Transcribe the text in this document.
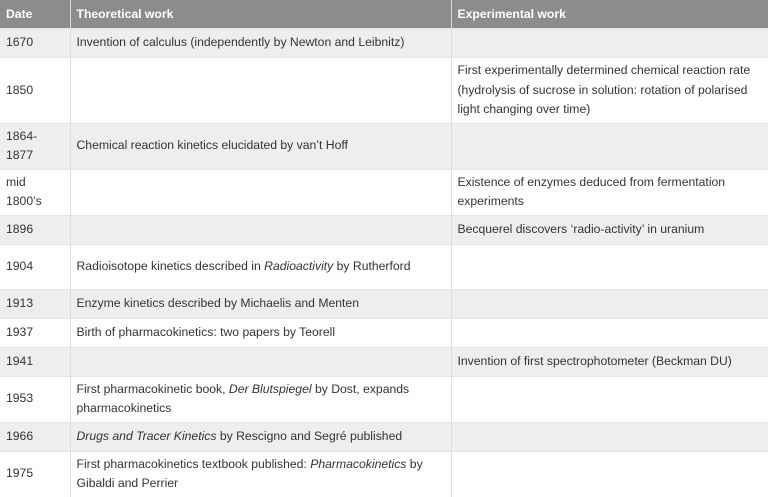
Date	Theoretical work	Experimental work
1670	Invention of calculus (independently by Newton and Leibnitz)	
1850		First experimentally determined chemical reaction rate (hydrolysis of sucrose in solution: rotation of polarised light changing over time)
1864-1877	Chemical reaction kinetics elucidated by van’t Hoff	
mid 1800’s		Existence of enzymes deduced from fermentation experiments
1896		Becquerel discovers ‘radio-activity’ in uranium
1904	Radioisotope kinetics described in Radioactivity by Rutherford	
1913	Enzyme kinetics described by Michaelis and Menten	
1937	Birth of pharmacokinetics: two papers by Teorell	
1941		Invention of first spectrophotometer (Beckman DU)
1953	First pharmacokinetic book, Der Blutspiegel by Dost, expands pharmacokinetics	
1966	Drugs and Tracer Kinetics by Rescigno and Segré published	
1975	First pharmacokinetics textbook published: Pharmacokinetics by Gibaldi and Perrier	
